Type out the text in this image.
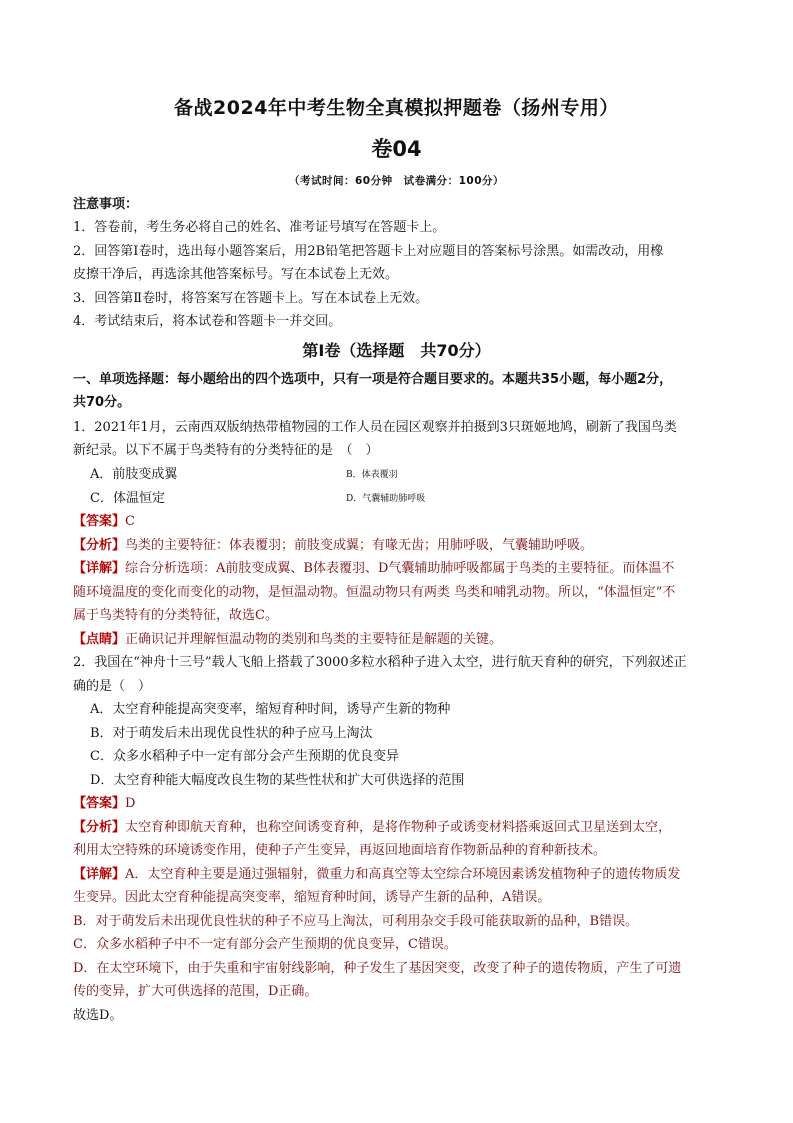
备战2024年中考生物全真模拟押题卷（扬州专用）
卷04
（考试时间：60分钟　试卷满分：100分）
注意事项：
1．答卷前，考生务必将自己的姓名、准考证号填写在答题卡上。
2．回答第Ⅰ卷时，选出每小题答案后，用2B铅笔把答题卡上对应题目的答案标号涂黑。如需改动，用橡
皮擦干净后，再选涂其他答案标号。写在本试卷上无效。
3．回答第Ⅱ卷时，将答案写在答题卡上。写在本试卷上无效。
4．考试结束后，将本试卷和答题卡一并交回。
第Ⅰ卷（选择题　共70分）
一、单项选择题：每小题给出的四个选项中，只有一项是符合题目要求的。本题共35小题，每小题2分，
共70分。
1．2021年1月，云南西双版纳热带植物园的工作人员在园区观察并拍摄到3只斑姬地鸠，刷新了我国鸟类
新纪录。以下不属于鸟类特有的分类特征的是　（　）
A．前肢变成翼	B．体表覆羽
C．体温恒定	D．气囊辅助肺呼吸
【答案】C
【分析】鸟类的主要特征：体表覆羽；前肢变成翼；有喙无齿；用肺呼吸，气囊辅助呼吸。
【详解】综合分析选项：A前肢变成翼、B体表覆羽、D气囊辅助肺呼吸都属于鸟类的主要特征。而体温不
随环境温度的变化而变化的动物，是恒温动物。恒温动物只有两类 鸟类和哺乳动物。所以，“体温恒定”不
属于鸟类特有的分类特征，故选C。
【点睛】正确识记并理解恒温动物的类别和鸟类的主要特征是解题的关键。
2．我国在“神舟十三号”载人飞船上搭载了3000多粒水稻种子进入太空，进行航天育种的研究，下列叙述正
确的是（　）
A．太空育种能提高突变率，缩短育种时间，诱导产生新的物种
B．对于萌发后未出现优良性状的种子应马上淘汰
C．众多水稻种子中一定有部分会产生预期的优良变异
D．太空育种能大幅度改良生物的某些性状和扩大可供选择的范围
【答案】D
【分析】太空育种即航天育种，也称空间诱变育种，是将作物种子或诱变材料搭乘返回式卫星送到太空，
利用太空特殊的环境诱变作用，使种子产生变异，再返回地面培育作物新品种的育种新技术。
【详解】A．太空育种主要是通过强辐射，微重力和高真空等太空综合环境因素诱发植物种子的遗传物质发
生变异。因此太空育种能提高突变率，缩短育种时间，诱导产生新的品种，A错误。
B．对于萌发后未出现优良性状的种子不应马上淘汰，可利用杂交手段可能获取新的品种，B错误。
C．众多水稻种子中不一定有部分会产生预期的优良变异，C错误。
D．在太空环境下，由于失重和宇宙射线影响，种子发生了基因突变，改变了种子的遗传物质，产生了可遗
传的变异，扩大可供选择的范围，D正确。
故选D。
